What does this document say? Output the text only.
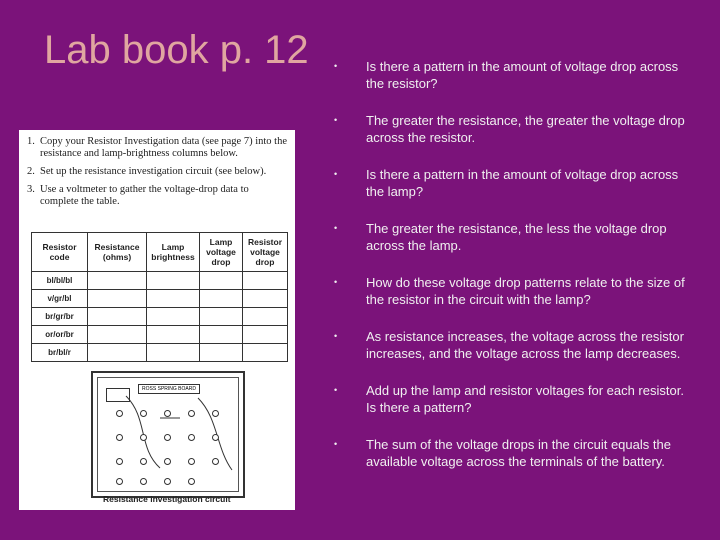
Lab book p. 12
1. Copy your Resistor Investigation data (see page 7) into the resistance and lamp-brightness columns below.
2. Set up the resistance investigation circuit (see below).
3. Use a voltmeter to gather the voltage-drop data to complete the table.
Resistor code	Resistance (ohms)	Lamp brightness	Lamp voltage drop	Resistor voltage drop
bl/bl/bl				
v/gr/bl				
br/gr/br				
or/or/br				
br/bl/r				
ROSS SPRING BOARD
Resistance investigation circuit
•	Is there a pattern in the amount of voltage drop across the resistor?
•	The greater the resistance, the greater the voltage drop across the resistor.
•	Is there a pattern in the amount of voltage drop across the lamp?
•	The greater the resistance, the less the voltage drop across the lamp.
•	How do these voltage drop patterns relate to the size of the resistor in the circuit with the lamp?
•	As resistance increases, the voltage across the resistor increases, and the voltage across the lamp decreases.
•	Add up the lamp and resistor voltages for each resistor. Is there a pattern?
•	The sum of the voltage drops in the circuit equals the available voltage across the terminals of the battery.
